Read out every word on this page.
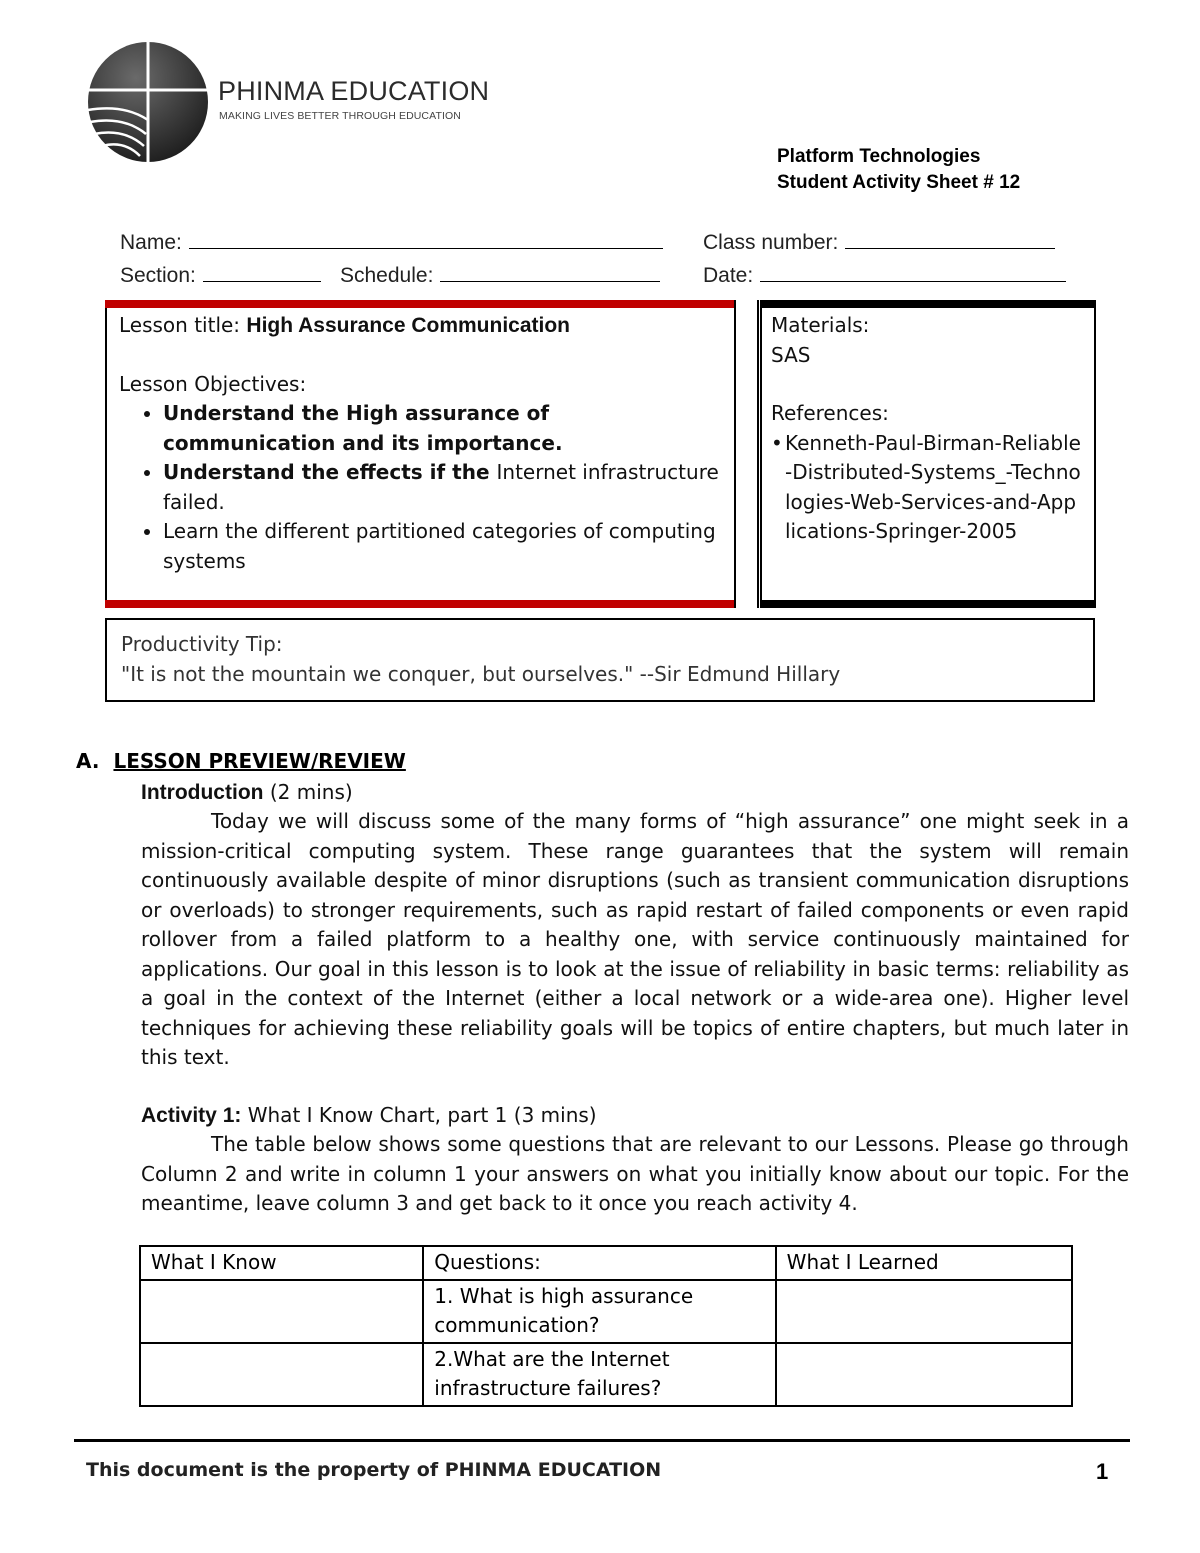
PHINMA EDUCATION
MAKING LIVES BETTER THROUGH EDUCATION
Platform Technologies
Student Activity Sheet # 12
Name:	Class number:
Section:	Schedule:	Date:
Lesson title: High Assurance Communication
Lesson Objectives:
• Understand the High assurance of communication and its importance.
• Understand the effects if the Internet infrastructure failed.
• Learn the different partitioned categories of computing systems
Materials:
SAS
References:
• Kenneth-Paul-Birman-Reliable-Distributed-Systems_-Technologies-Web-Services-and-Applications-Springer-2005
Productivity Tip:
"It is not the mountain we conquer, but ourselves." --Sir Edmund Hillary
A. LESSON PREVIEW/REVIEW
Introduction (2 mins)
Today we will discuss some of the many forms of “high assurance” one might seek in a mission-critical computing system. These range guarantees that the system will remain continuously available despite of minor disruptions (such as transient communication disruptions or overloads) to stronger requirements, such as rapid restart of failed components or even rapid rollover from a failed platform to a healthy one, with service continuously maintained for applications. Our goal in this lesson is to look at the issue of reliability in basic terms: reliability as a goal in the context of the Internet (either a local network or a wide-area one). Higher level techniques for achieving these reliability goals will be topics of entire chapters, but much later in this text.
Activity 1: What I Know Chart, part 1 (3 mins)
The table below shows some questions that are relevant to our Lessons. Please go through Column 2 and write in column 1 your answers on what you initially know about our topic. For the meantime, leave column 3 and get back to it once you reach activity 4.
What I Know	Questions:	What I Learned
	1. What is high assurance communication?	
	2.What are the Internet infrastructure failures?	
This document is the property of PHINMA EDUCATION	1
